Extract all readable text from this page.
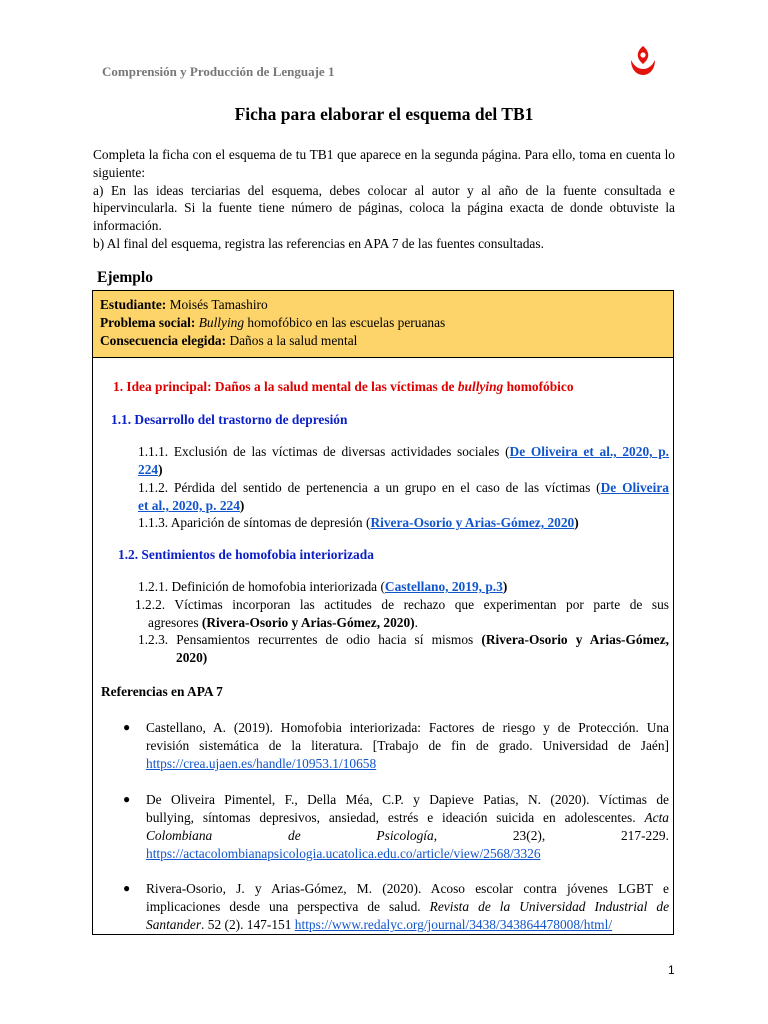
Comprensión y Producción de Lenguaje 1
Ficha para elaborar el esquema del TB1

Completa la ficha con el esquema de tu TB1 que aparece en la segunda página. Para ello, toma en cuenta lo siguiente:

a) En las ideas terciarias del esquema, debes colocar al autor y al año de la fuente consultada e hipervincularla. Si la fuente tiene número de páginas, coloca la página exacta de donde obtuviste la información.

b) Al final del esquema, registra las referencias en APA 7 de las fuentes consultadas.

Ejemplo
Estudiante: Moisés Tamashiro
Problema social: Bullying homofóbico en las escuelas peruanas
Consecuencia elegida: Daños a la salud mental
1. Idea principal: Daños a la salud mental de las víctimas de bullying homofóbico
1.1. Desarrollo del trastorno de depresión
1.1.1. Exclusión de las víctimas de diversas actividades sociales (De Oliveira et al., 2020, p.
224)
1.1.2. Pérdida del sentido de pertenencia a un grupo en el caso de las víctimas (De Oliveira
et al., 2020, p. 224)
1.1.3. Aparición de síntomas de depresión (Rivera-Osorio y Arias-Gómez, 2020)
1.2. Sentimientos de homofobia interiorizada
1.2.1. Definición de homofobia interiorizada (Castellano, 2019, p.3)
1.2.2. Víctimas incorporan las actitudes de rechazo que experimentan por parte de sus
agresores (Rivera-Osorio y Arias-Gómez, 2020).
1.2.3. Pensamientos recurrentes de odio hacia sí mismos (Rivera-Osorio y Arias-Gómez,
2020)
Referencias en APA 7
● Castellano, A. (2019). Homofobia interiorizada: Factores de riesgo y de Protección. Una
revisión sistemática de la literatura. [Trabajo de fin de grado. Universidad de Jaén]
https://crea.ujaen.es/handle/10953.1/10658
● De Oliveira Pimentel, F., Della Méa, C.P. y Dapieve Patias, N. (2020). Víctimas de
bullying, síntomas depresivos, ansiedad, estrés e ideación suicida en adolescentes. Acta
Colombiana	de	Psicología,	23(2),	217-229.
https://actacolombianapsicologia.ucatolica.edu.co/article/view/2568/3326
● Rivera-Osorio, J. y Arias-Gómez, M. (2020). Acoso escolar contra jóvenes LGBT e
implicaciones desde una perspectiva de salud. Revista de la Universidad Industrial de
Santander. 52 (2). 147-151 https://www.redalyc.org/journal/3438/343864478008/html/
1
